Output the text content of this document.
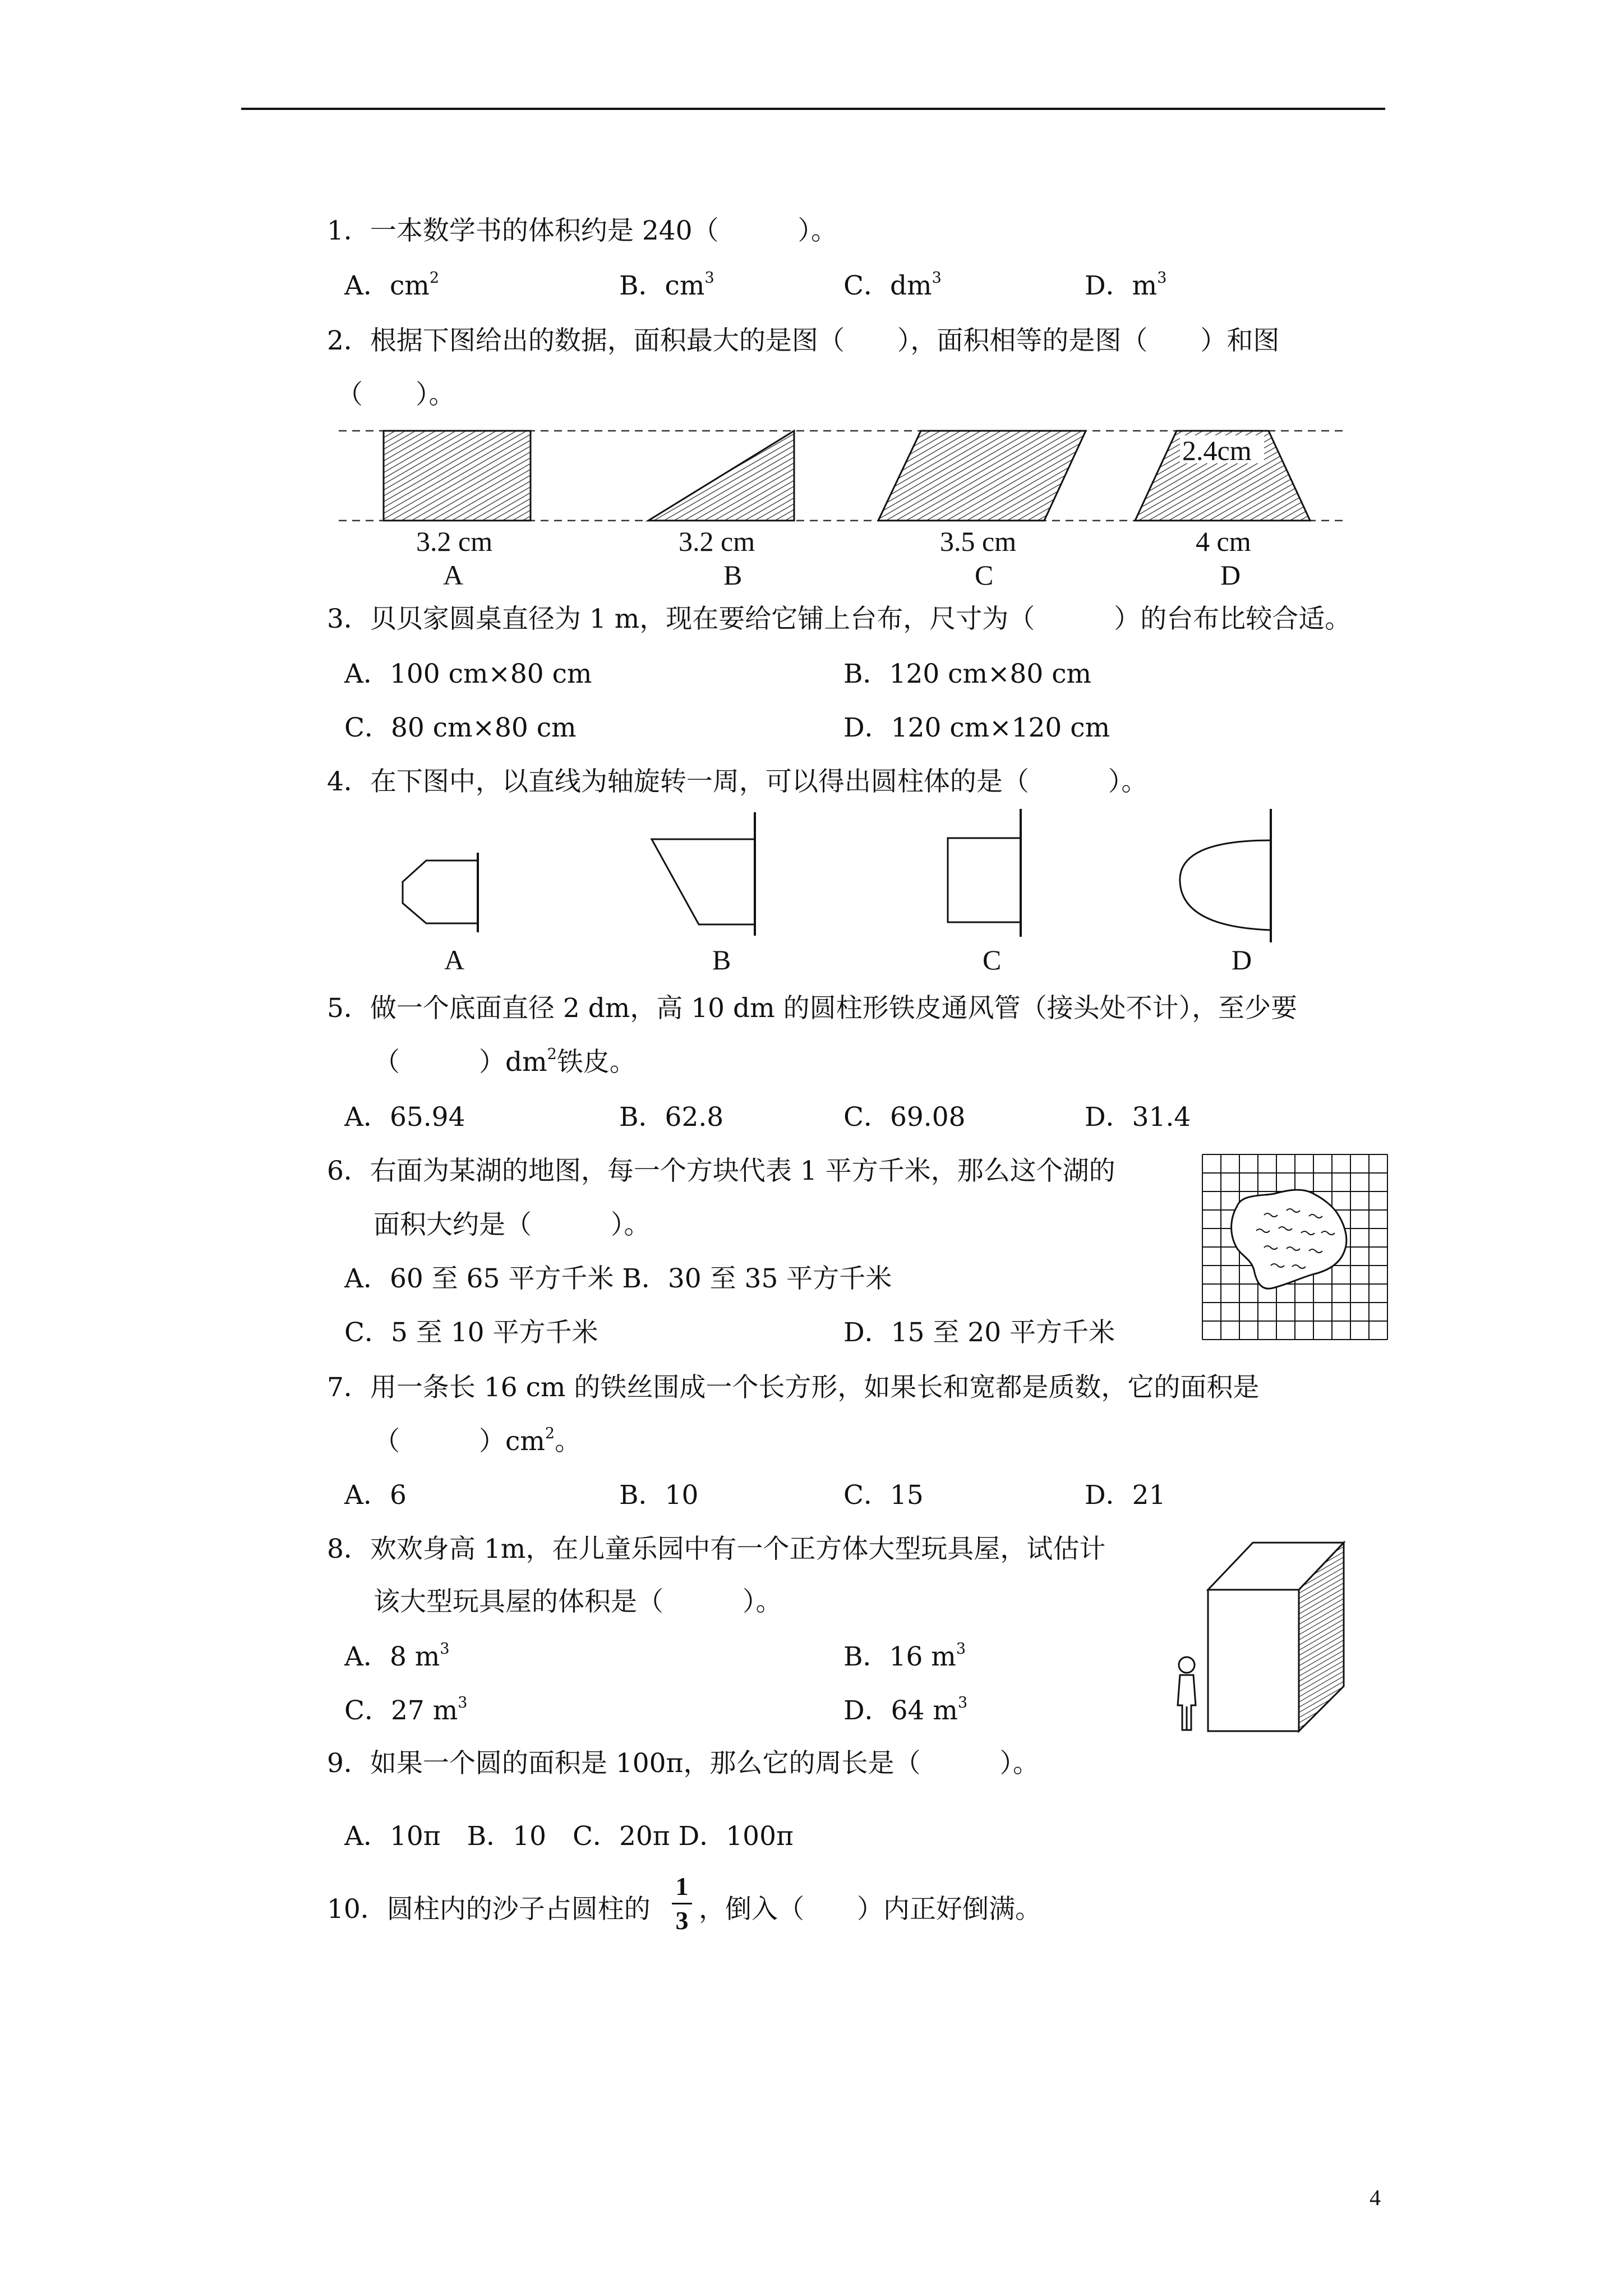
1．一本数学书的体积约是 240（　　　）。
A．$cm^2$	B．$cm^3$	C．$dm^3$	D．$m^3$
2．根据下图给出的数据，面积最大的是图（　　），面积相等的是图（　　）和图
（　　）。
2.4cm
3.2 cm
A
3.2 cm
B
3.5 cm
C
4 cm
D
3．贝贝家圆桌直径为 1 m，现在要给它铺上台布，尺寸为（　　　）的台布比较合适。
A．100 cm×80 cm	B．120 cm×80 cm
C．80 cm×80 cm	D．120 cm×120 cm
4．在下图中，以直线为轴旋转一周，可以得出圆柱体的是（　　　）。
A	B	C	D
5．做一个底面直径 2 dm，高 10 dm 的圆柱形铁皮通风管（接头处不计），至少要
（　　　）$dm^2$铁皮。
A．65.94	B．62.8	C．69.08	D．31.4
6．右面为某湖的地图，每一个方块代表 1 平方千米，那么这个湖的
面积大约是（　　　）。
A．60 至 65 平方千米 B．30 至 35 平方千米
C．5 至 10 平方千米	D．15 至 20 平方千米
7．用一条长 16 cm 的铁丝围成一个长方形，如果长和宽都是质数，它的面积是
（　　　）$cm^2$。
A．6	B．10	C．15	D．21
8．欢欢身高 1m，在儿童乐园中有一个正方体大型玩具屋，试估计
该大型玩具屋的体积是（　　　）。
A．8 $m^3$	B．16 $m^3$
C．27 $m^3$	D．64 $m^3$
9．如果一个圆的面积是 100π，那么它的周长是（　　　）。
A．10π　B．10　C．20π D．100π
10．圆柱内的沙子占圆柱的
1
3 ，倒入（　　）内正好倒满。
4
